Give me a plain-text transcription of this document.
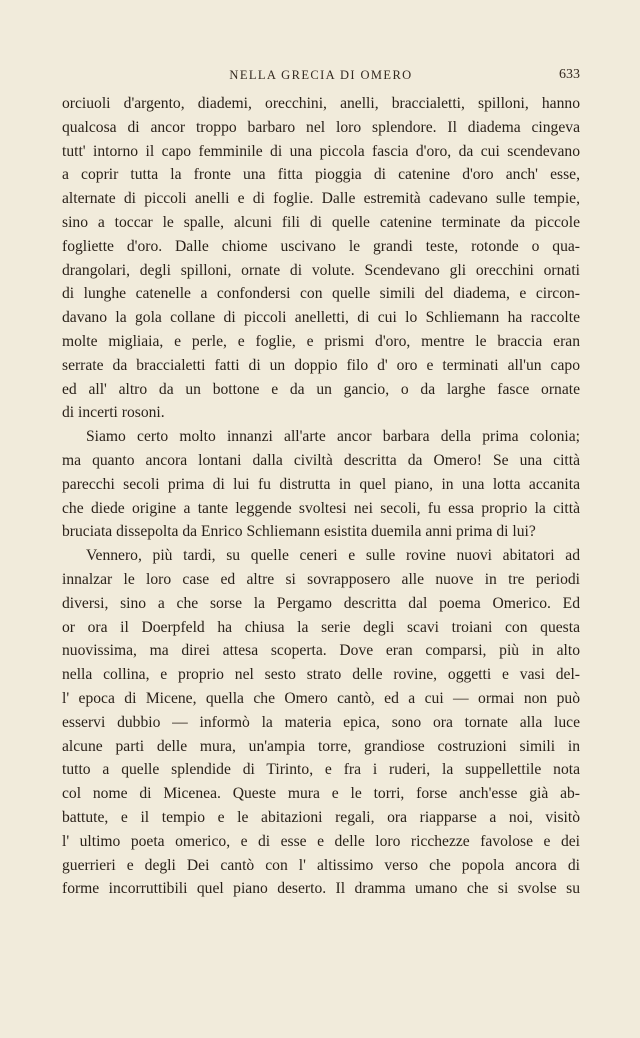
NELLA GRECIA DI OMERO	633
orciuoli d'argento, diademi, orecchini, anelli, braccialetti, spilloni, hanno
qualcosa di ancor troppo barbaro nel loro splendore. Il diadema cingeva
tutt' intorno il capo femminile di una piccola fascia d'oro, da cui scendevano
a coprir tutta la fronte una fitta pioggia di catenine d'oro anch' esse,
alternate di piccoli anelli e di foglie. Dalle estremità cadevano sulle tempie,
sino a toccar le spalle, alcuni fili di quelle catenine terminate da piccole
fogliette d'oro. Dalle chiome uscivano le grandi teste, rotonde o qua-
drangolari, degli spilloni, ornate di volute. Scendevano gli orecchini ornati
di lunghe catenelle a confondersi con quelle simili del diadema, e circon-
davano la gola collane di piccoli anelletti, di cui lo Schliemann ha raccolte
molte migliaia, e perle, e foglie, e prismi d'oro, mentre le braccia eran
serrate da braccialetti fatti di un doppio filo d' oro e terminati all'un capo
ed all' altro da un bottone e da un gancio, o da larghe fasce ornate
di incerti rosoni.
Siamo certo molto innanzi all'arte ancor barbara della prima colonia;
ma quanto ancora lontani dalla civiltà descritta da Omero! Se una città
parecchi secoli prima di lui fu distrutta in quel piano, in una lotta accanita
che diede origine a tante leggende svoltesi nei secoli, fu essa proprio la città
bruciata dissepolta da Enrico Schliemann esistita duemila anni prima di lui?
Vennero, più tardi, su quelle ceneri e sulle rovine nuovi abitatori ad
innalzar le loro case ed altre si sovrapposero alle nuove in tre periodi
diversi, sino a che sorse la Pergamo descritta dal poema Omerico. Ed
or ora il Doerpfeld ha chiusa la serie degli scavi troiani con questa
nuovissima, ma direi attesa scoperta. Dove eran comparsi, più in alto
nella collina, e proprio nel sesto strato delle rovine, oggetti e vasi del-
l' epoca di Micene, quella che Omero cantò, ed a cui — ormai non può
esservi dubbio — informò la materia epica, sono ora tornate alla luce
alcune parti delle mura, un'ampia torre, grandiose costruzioni simili in
tutto a quelle splendide di Tirinto, e fra i ruderi, la suppellettile nota
col nome di Micenea. Queste mura e le torri, forse anch'esse già ab-
battute, e il tempio e le abitazioni regali, ora riapparse a noi, visitò
l' ultimo poeta omerico, e di esse e delle loro ricchezze favolose e dei
guerrieri e degli Dei cantò con l' altissimo verso che popola ancora di
forme incorruttibili quel piano deserto. Il dramma umano che si svolse su
